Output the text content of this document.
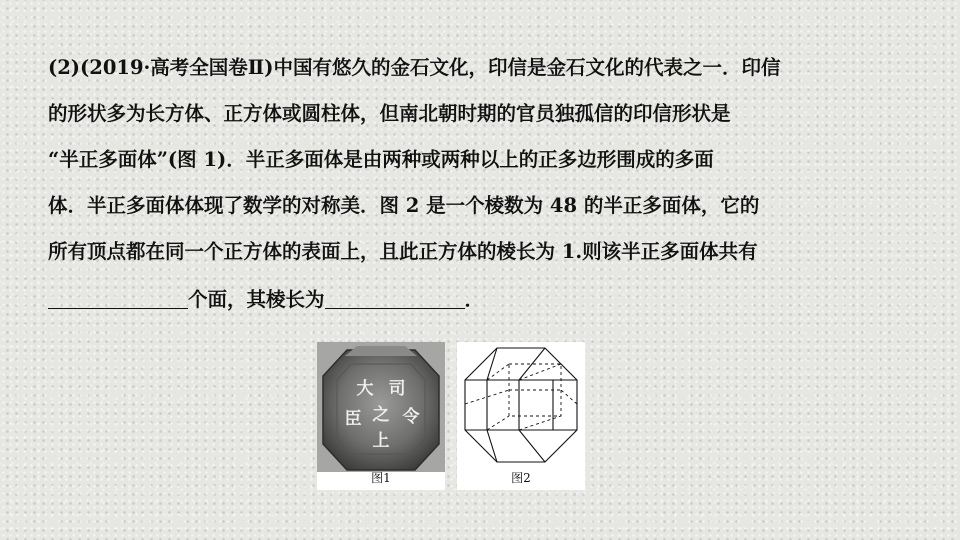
(2)(2019·高考全国卷Ⅱ)中国有悠久的金石文化，印信是金石文化的代表之一．印信
的形状多为长方体、正方体或圆柱体，但南北朝时期的官员独孤信的印信形状是
“半正多面体”(图 1)．半正多面体是由两种或两种以上的正多边形围成的多面
体．半正多面体体现了数学的对称美．图 2 是一个棱数为 48 的半正多面体，它的
所有顶点都在同一个正方体的表面上，且此正方体的棱长为 1.则该半正多面体共有
个面，其棱长为	．
大 司
臣 之 令
上
图1	图2
